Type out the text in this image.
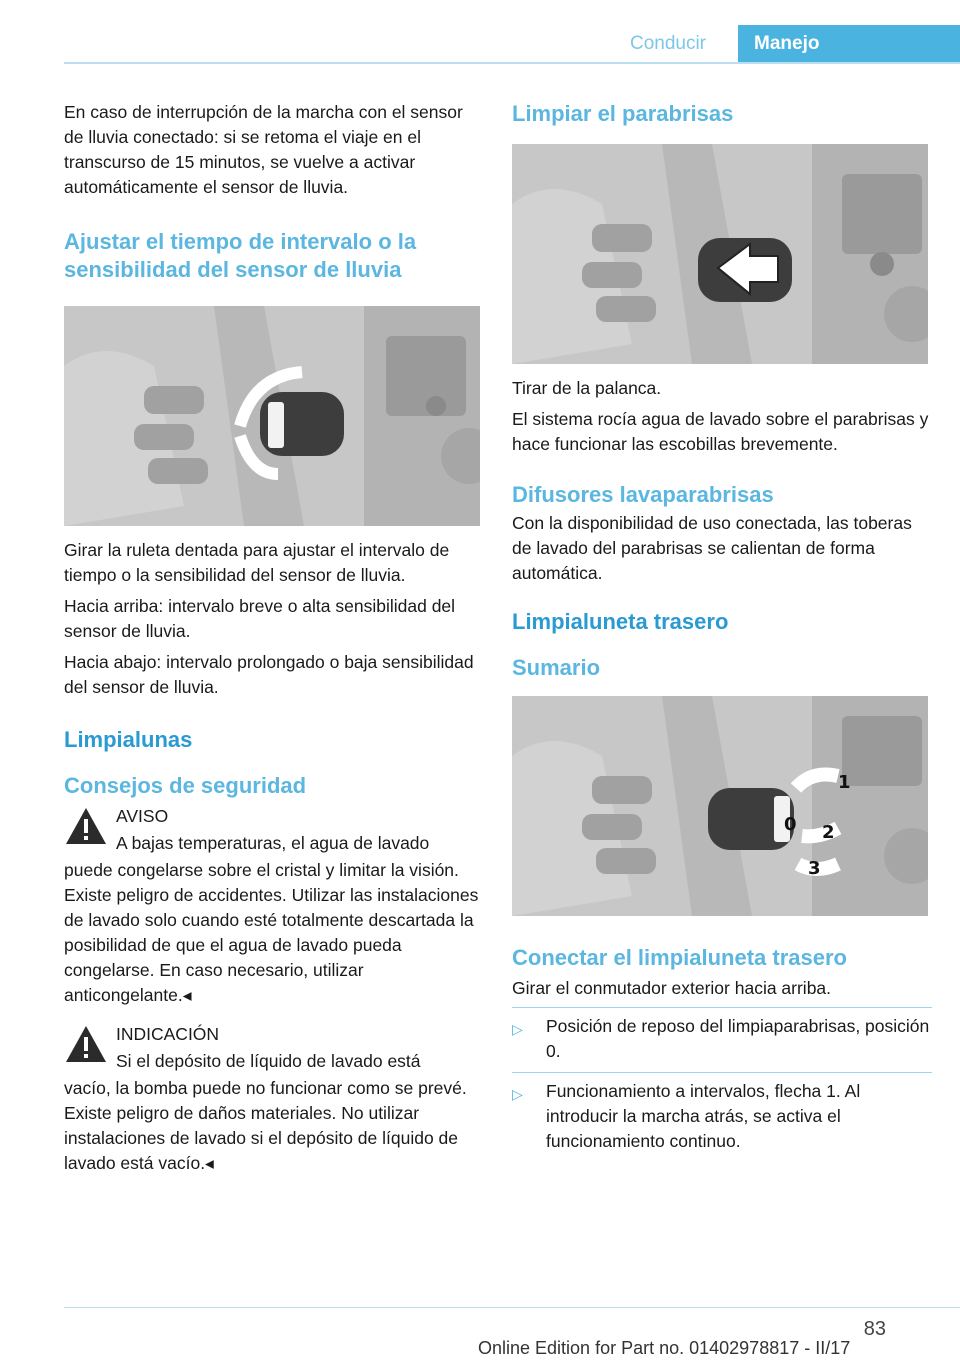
Conducir	Manejo
En caso de interrupción de la marcha con el sensor de lluvia conectado: si se retoma el viaje en el transcurso de 15 minutos, se vuelve a activar automáticamente el sensor de lluvia.
Ajustar el tiempo de intervalo o la sensibilidad del sensor de lluvia
Girar la ruleta dentada para ajustar el intervalo de tiempo o la sensibilidad del sensor de lluvia.
Hacia arriba: intervalo breve o alta sensibilidad del sensor de lluvia.
Hacia abajo: intervalo prolongado o baja sensibilidad del sensor de lluvia.
Limpialunas
Consejos de seguridad
AVISO
A bajas temperaturas, el agua de lavado
puede congelarse sobre el cristal y limitar la visión. Existe peligro de accidentes. Utilizar las instalaciones de lavado solo cuando esté totalmente descartada la posibilidad de que el agua de lavado pueda congelarse. En caso necesario, utilizar anticongelante.◂
INDICACIÓN
Si el depósito de líquido de lavado está
vacío, la bomba puede no funcionar como se prevé. Existe peligro de daños materiales. No utilizar instalaciones de lavado si el depósito de líquido de lavado está vacío.◂
Limpiar el parabrisas
Tirar de la palanca.
El sistema rocía agua de lavado sobre el parabrisas y hace funcionar las escobillas brevemente.
Difusores lavaparabrisas
Con la disponibilidad de uso conectada, las toberas de lavado del parabrisas se calientan de forma automática.
Limpialuneta trasero
Sumario
1
0 2
3
Conectar el limpialuneta trasero
Girar el conmutador exterior hacia arriba.
▷ Posición de reposo del limpiaparabrisas, posición 0.
▷ Funcionamiento a intervalos, flecha 1. Al introducir la marcha atrás, se activa el funcionamiento continuo.
83
Online Edition for Part no. 01402978817 - II/17
